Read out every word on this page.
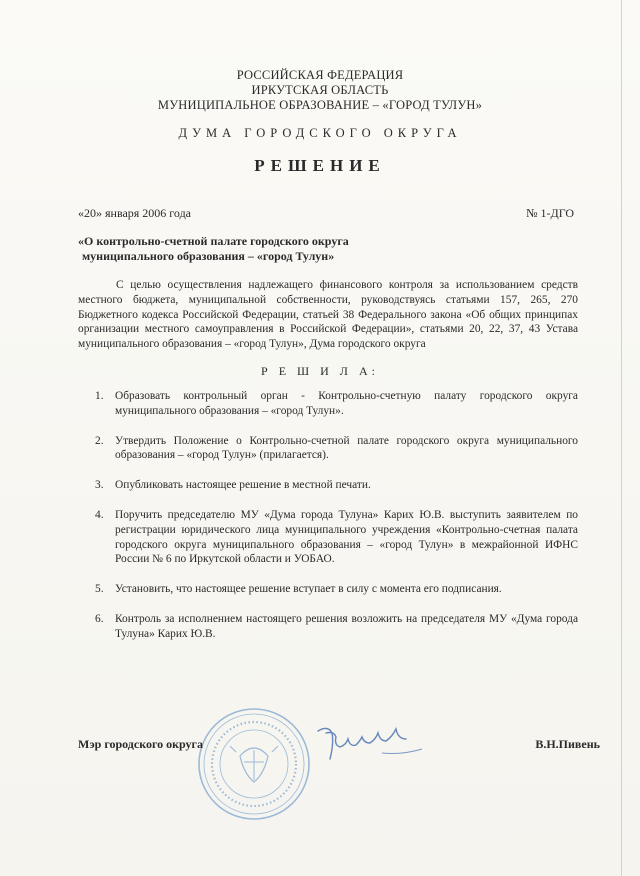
РОССИЙСКАЯ ФЕДЕРАЦИЯ
ИРКУТСКАЯ ОБЛАСТЬ
МУНИЦИПАЛЬНОЕ ОБРАЗОВАНИЕ – «ГОРОД ТУЛУН»
ДУМА ГОРОДСКОГО ОКРУГА
РЕШЕНИЕ
«20» января 2006 года	№ 1-ДГО
«О контрольно-счетной палате городского округа
муниципального образования – «город Тулун»
С целью осуществления надлежащего финансового контроля за использованием средств местного бюджета, муниципальной собственности, руководствуясь статьями 157, 265, 270 Бюджетного кодекса Российской Федерации, статьей 38 Федерального закона «Об общих принципах организации местного самоуправления в Российской Федерации», статьями 20, 22, 37, 43 Устава муниципального образования – «город Тулун», Дума городского округа
Р Е Ш И Л А:
1.	Образовать контрольный орган - Контрольно-счетную палату городского округа муниципального образования – «город Тулун».
2.	Утвердить Положение о Контрольно-счетной палате городского округа муниципального образования – «город Тулун» (прилагается).
3.	Опубликовать настоящее решение в местной печати.
4.	Поручить председателю МУ «Дума города Тулуна» Карих Ю.В. выступить заявителем по регистрации юридического лица муниципального учреждения «Контрольно-счетная палата городского округа муниципального образования – «город Тулун» в межрайонной ИФНС России № 6 по Иркутской области и УОБАО.
5.	Установить, что настоящее решение вступает в силу с момента его подписания.
6.	Контроль за исполнением настоящего решения возложить на председателя МУ «Дума города Тулуна» Карих Ю.В.
Мэр городского округа	В.Н.Пивень
